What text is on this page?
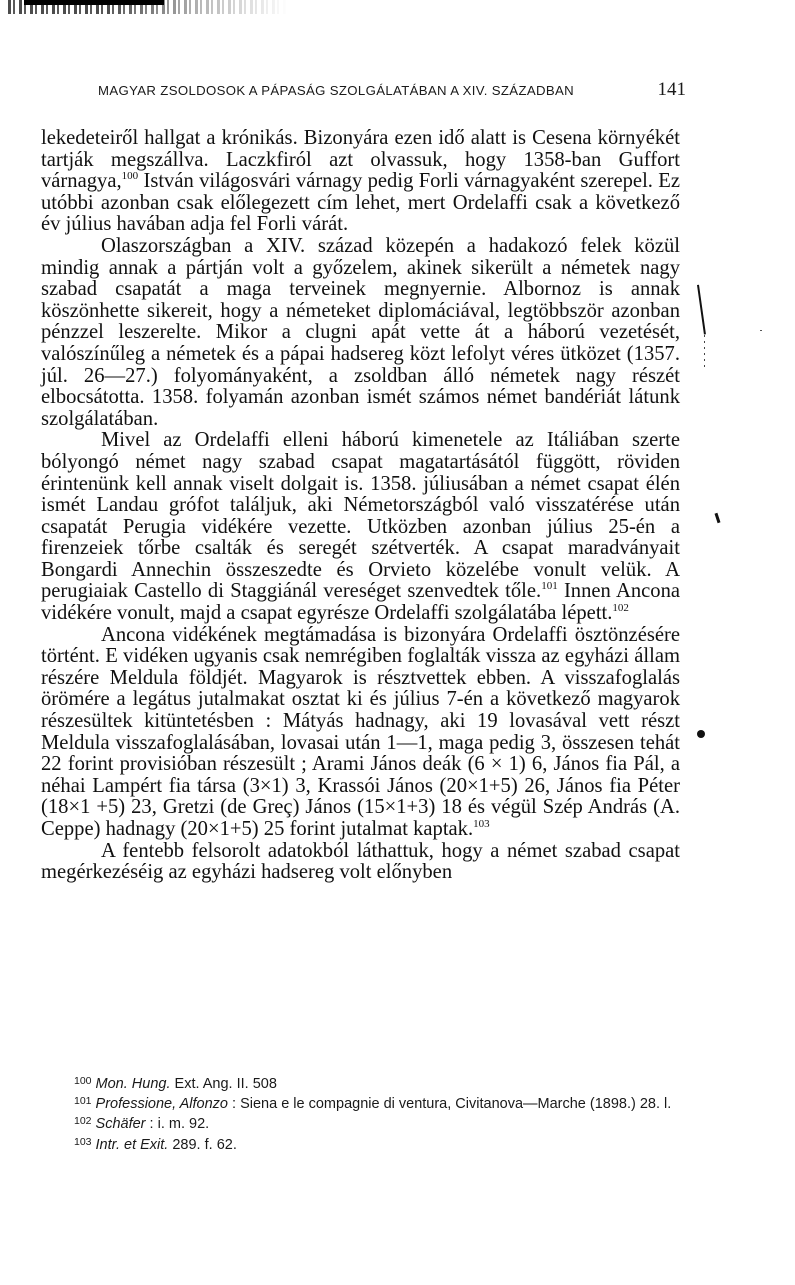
MAGYAR ZSOLDOSOK A PÁPASÁG SZOLGÁLATÁBAN A XIV. SZÁZADBAN	141

lekedeteiről hallgat a krónikás. Bizonyára ezen idő alatt is Cesena környékét tartják megszállva. Laczkfiról azt olvassuk, hogy 1358-ban Guffort várnagya,$^{100}$ István világosvári várnagy pedig Forli várnagyaként szerepel. Ez utóbbi azonban csak előlegezett cím lehet, mert Ordelaffi csak a következő év július havában adja fel Forli várát.

Olaszországban a XIV. század közepén a hadakozó felek közül mindig annak a pártján volt a győzelem, akinek sikerült a németek nagy szabad csapatát a maga terveinek megnyernie. Albornoz is annak köszönhette sikereit, hogy a németeket diplomáciával, legtöbbször azonban pénzzel leszerelte. Mikor a clugni apát vette át a háború vezetését, valószínűleg a németek és a pápai hadsereg közt lefolyt véres ütközet (1357. júl. 26—27.) folyományaként, a zsoldban álló németek nagy részét elbocsátotta. 1358. folyamán azonban ismét számos német bandériát látunk szolgálatában.

Mivel az Ordelaffi elleni háború kimenetele az Itáliában szerte bólyongó német nagy szabad csapat magatartásától függött, röviden érintenünk kell annak viselt dolgait is. 1358. júliusában a német csapat élén ismét Landau grófot találjuk, aki Németországból való visszatérése után csapatát Perugia vidékére vezette. Utközben azonban július 25-én a firenzeiek tőrbe csalták és seregét szétverték. A csapat maradványait Bongardi Annechin összeszedte és Orvieto közelébe vonult velük. A perugiaiak Castello di Staggiánál vereséget szenvedtek tőle.$^{101}$ Innen Ancona vidékére vonult, majd a csapat egyrésze Ordelaffi szolgálatába lépett.$^{102}$

Ancona vidékének megtámadása is bizonyára Ordelaffi ösztönzésére történt. E vidéken ugyanis csak nemrégiben foglalták vissza az egyházi állam részére Meldula földjét. Magyarok is résztvettek ebben. A visszafoglalás örömére a legátus jutalmakat osztat ki és július 7-én a következő magyarok részesültek kitüntetésben : Mátyás hadnagy, aki 19 lovasával vett részt Meldula visszafoglalásában, lovasai után 1—1, maga pedig 3, összesen tehát 22 forint provisióban részesült ; Arami János deák (6 × 1) 6, János fia Pál, a néhai Lampért fia társa (3×1) 3, Krassói János (20×1+5) 26, János fia Péter (18×1 +5) 23, Gretzi (de Greç) János (15×1+3) 18 és végül Szép András (A. Ceppe) hadnagy (20×1+5) 25 forint jutalmat kaptak.$^{103}$

A fentebb felsorolt adatokból láthattuk, hogy a német szabad csapat megérkezéséig az egyházi hadsereg volt előnyben

$^{100}$ Mon. Hung. Ext. Ang. II. 508

$^{101}$ Professione, Alfonzo : Siena e le compagnie di ventura, Civitanova—Marche (1898.) 28. l.

$^{102}$ Schäfer : i. m. 92.

$^{103}$ Intr. et Exit. 289. f. 62.
